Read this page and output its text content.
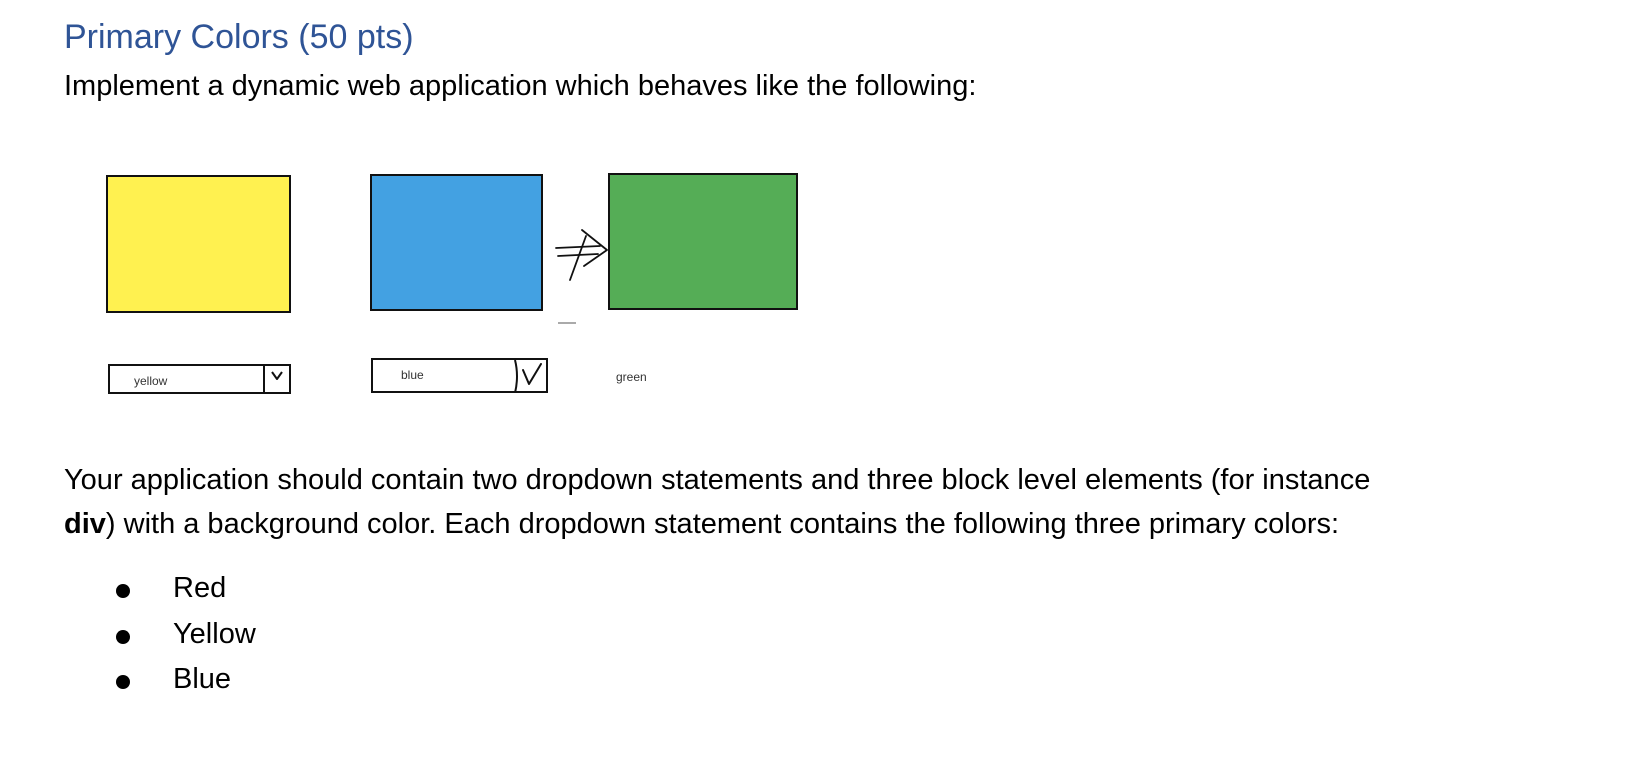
Primary Colors (50 pts)

Implement a dynamic web application which behaves like the following:

yellow	blue	green

Your application should contain two dropdown statements and three block level elements (for instance
div) with a background color. Each dropdown statement contains the following three primary colors:

Red
Yellow
Blue
